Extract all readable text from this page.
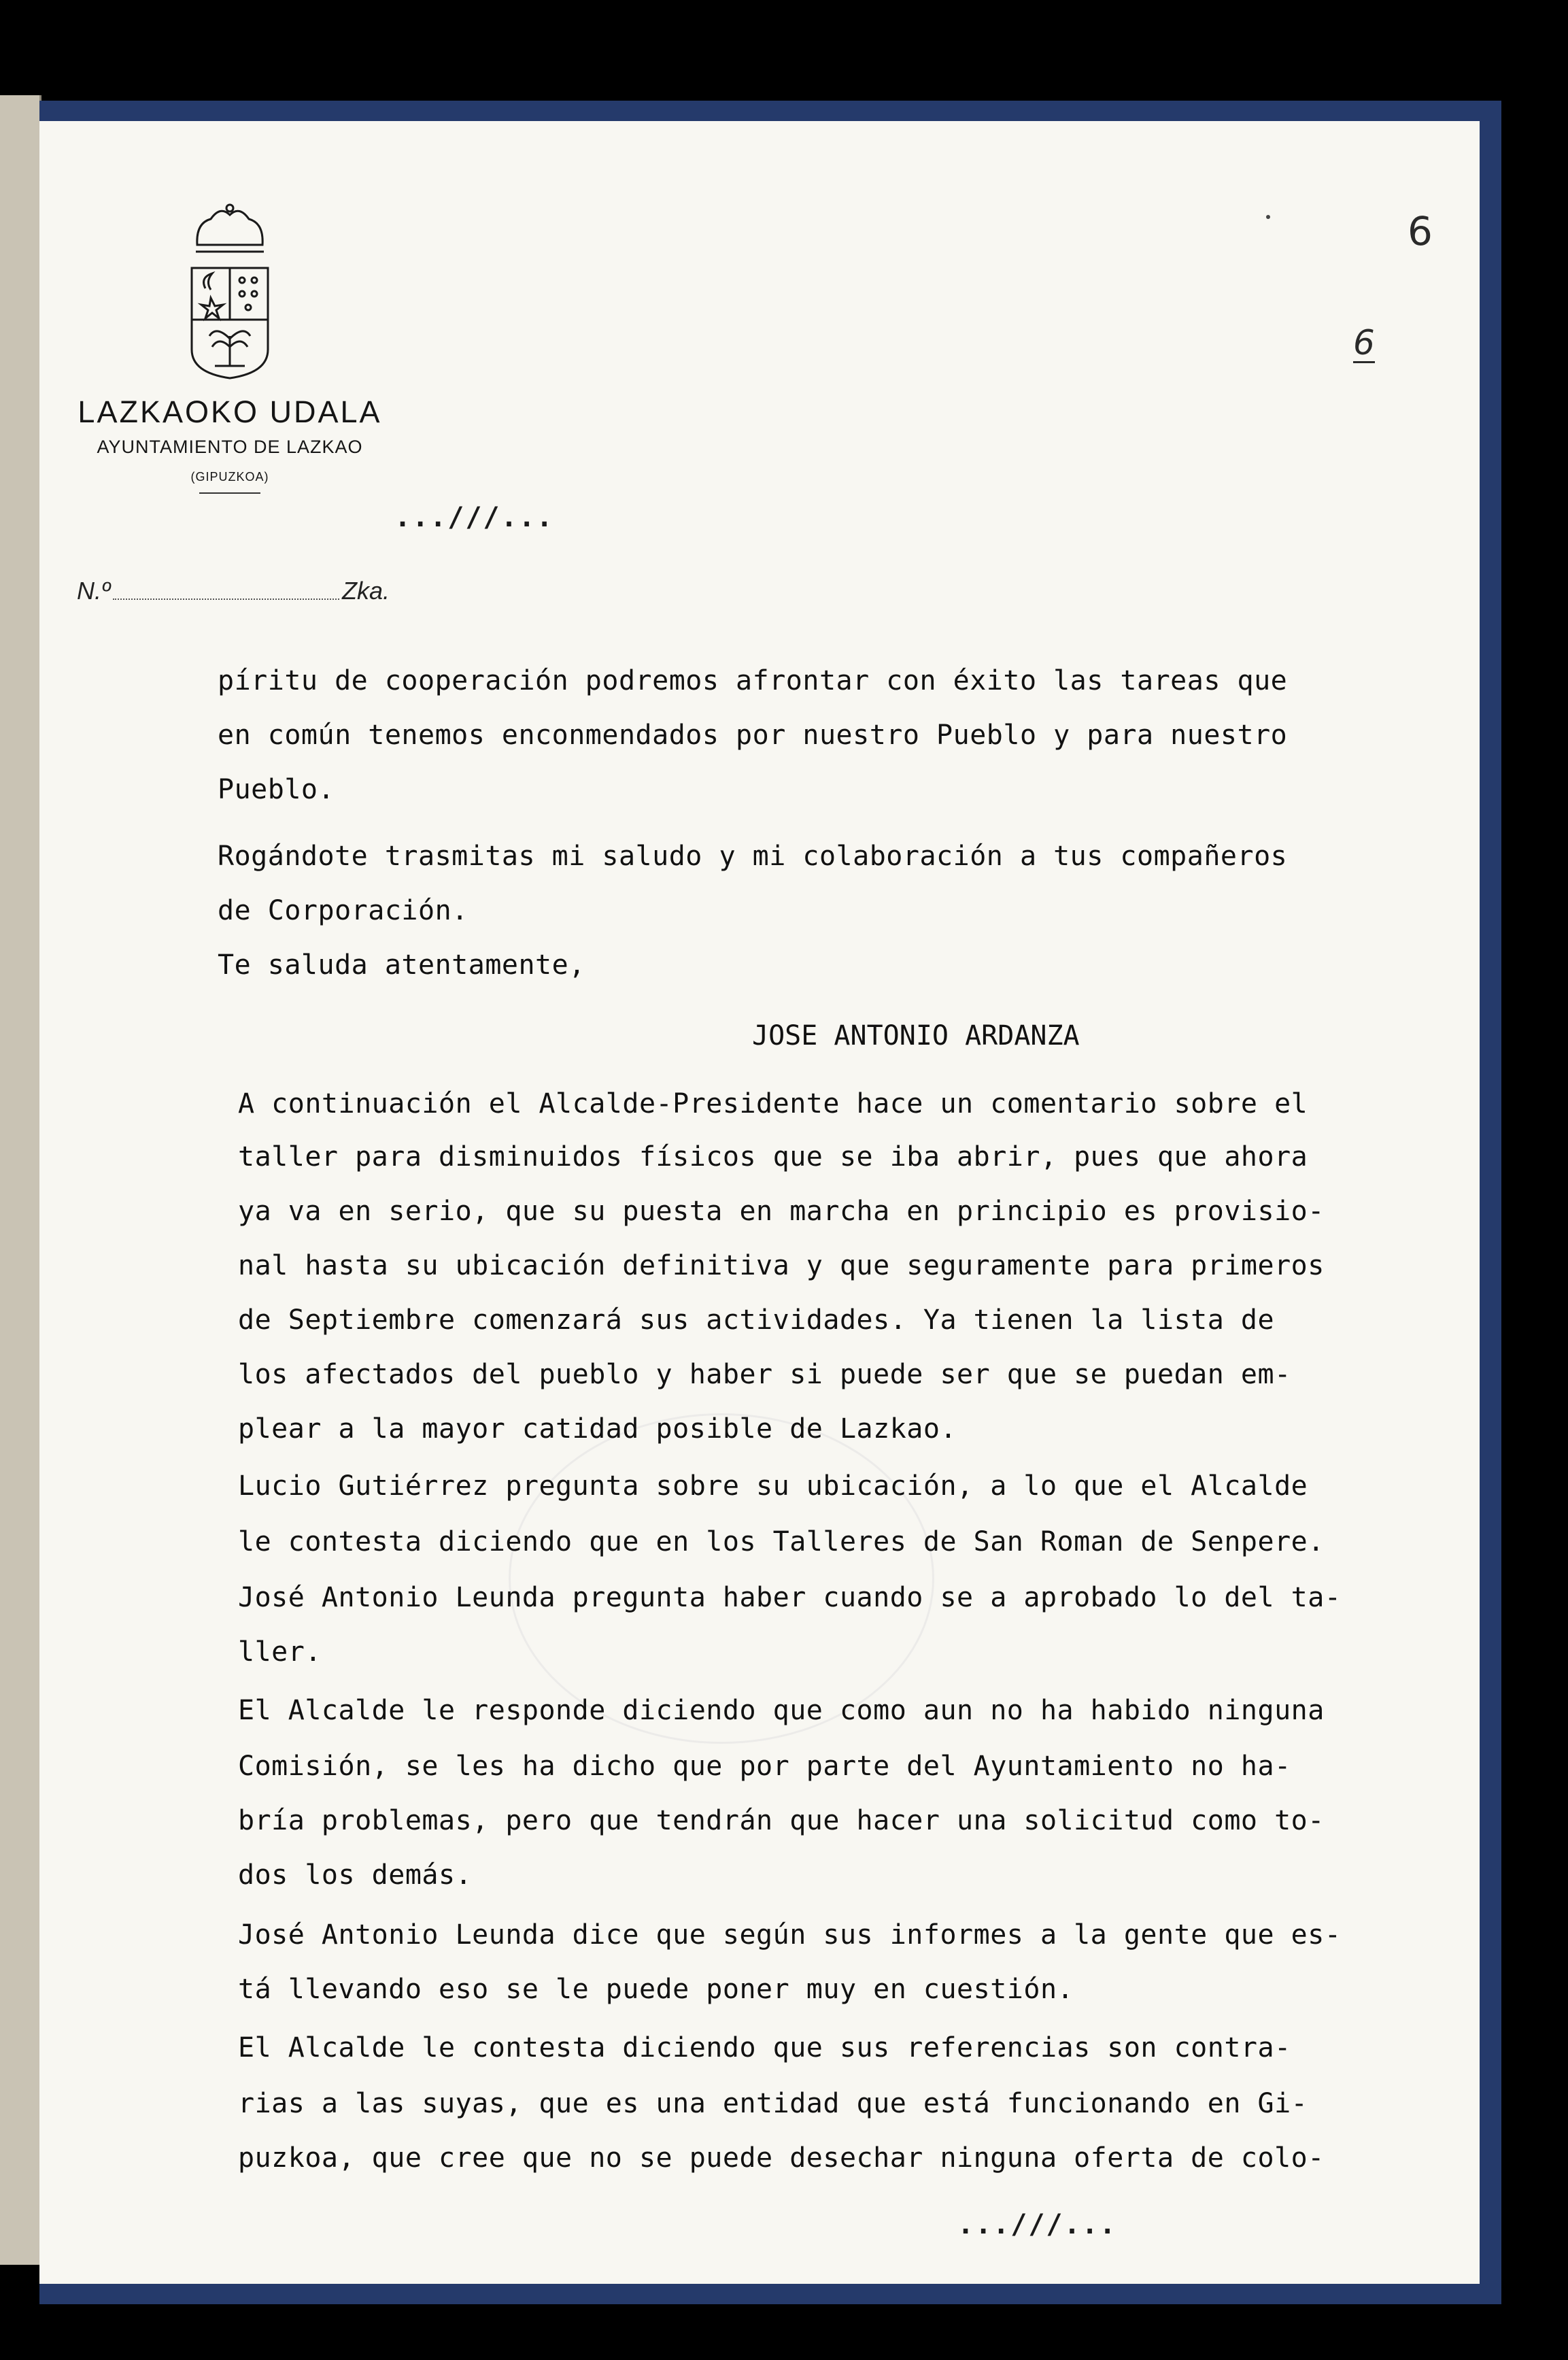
LAZKAOKO UDALA
AYUNTAMIENTO DE LAZKAO
(GIPUZKOA)
N.º	Zka.
6
6
...///...
píritu de cooperación podremos afrontar con éxito las tareas que
en común tenemos enconmendados por nuestro Pueblo y para nuestro
Pueblo.
Rogándote trasmitas mi saludo y mi colaboración a tus compañeros
de Corporación.
Te saluda atentamente,
JOSE ANTONIO ARDANZA
A continuación el Alcalde-Presidente hace un comentario sobre el
taller para disminuidos físicos que se iba abrir, pues que ahora
ya va en serio, que su puesta en marcha en principio es provisio-
nal hasta su ubicación definitiva y que seguramente para primeros
de Septiembre comenzará sus actividades. Ya tienen la lista de
los afectados del pueblo y haber si puede ser que se puedan em-
plear a la mayor catidad posible de Lazkao.
Lucio Gutiérrez pregunta sobre su ubicación, a lo que el Alcalde
le contesta diciendo que en los Talleres de San Roman de Senpere.
José Antonio Leunda pregunta haber cuando se a aprobado lo del ta-
ller.
El Alcalde le responde diciendo que como aun no ha habido ninguna
Comisión, se les ha dicho que por parte del Ayuntamiento no ha-
bría problemas, pero que tendrán que hacer una solicitud como to-
dos los demás.
José Antonio Leunda dice que según sus informes a la gente que es-
tá llevando eso se le puede poner muy en cuestión.
El Alcalde le contesta diciendo que sus referencias son contra-
rias a las suyas, que es una entidad que está funcionando en Gi-
puzkoa, que cree que no se puede desechar ninguna oferta de colo-
...///...
